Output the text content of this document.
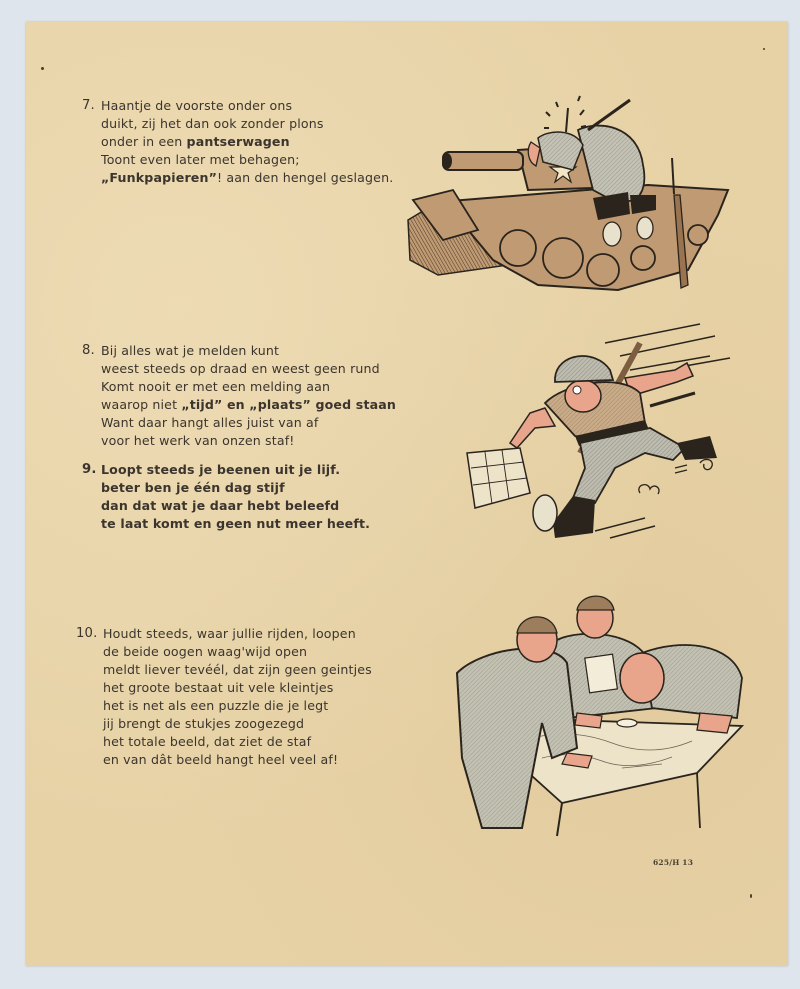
7. Haantje de voorste onder ons
duikt, zij het dan ook zonder plons
onder in een pantserwagen
Toont even later met behagen;
„Funkpapieren”! aan den hengel geslagen.
8. Bij alles wat je melden kunt
weest steeds op draad en weest geen rund
Komt nooit er met een melding aan
waarop niet „tijd” en „plaats” goed staan
Want daar hangt alles juist van af
voor het werk van onzen staf!
9. Loopt steeds je beenen uit je lijf.
beter ben je één dag stijf
dan dat wat je daar hebt beleefd
te laat komt en geen nut meer heeft.
10. Houdt steeds, waar jullie rijden, loopen
de beide oogen waag'wijd open
meldt liever tevéél, dat zijn geen geintjes
het groote bestaat uit vele kleintjes
het is net als een puzzle die je legt
jij brengt de stukjes zoogezegd
het totale beeld, dat ziet de staf
en van dât beeld hangt heel veel af!
625/H 13
